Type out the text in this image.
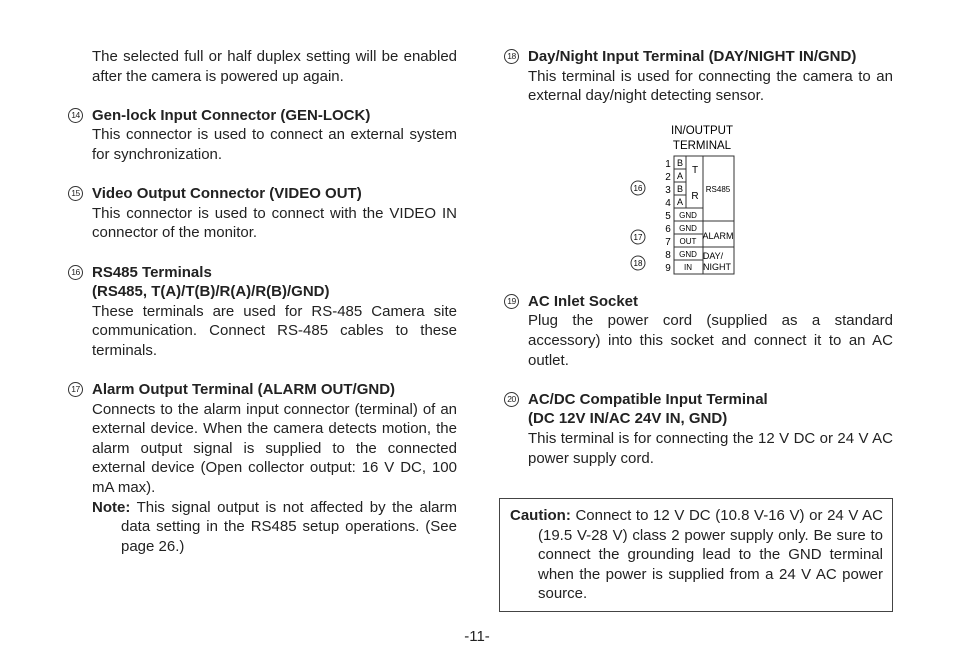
The selected full or half duplex setting will be enabled after the camera is powered up again.
14 Gen-lock Input Connector (GEN-LOCK)
This connector is used to connect an external system for synchronization.
15 Video Output Connector (VIDEO OUT)
This connector is used to connect with the VIDEO IN connector of the monitor.
16 RS485 Terminals
(RS485, T(A)/T(B)/R(A)/R(B)/GND)
These terminals are used for RS-485 Camera site communication. Connect RS-485 cables to these terminals.
17 Alarm Output Terminal (ALARM OUT/GND)
Connects to the alarm input connector (terminal) of an external device. When the camera detects motion, the alarm output signal is supplied to the connected external device (Open collector output: 16 V DC, 100 mA max).
Note: This signal output is not affected by the alarm data setting in the RS485 setup operations. (See page 26.)
18 Day/Night Input Terminal (DAY/NIGHT IN/GND)
This terminal is used for connecting the camera to an external day/night detecting sensor.
19 AC Inlet Socket
Plug the power cord (supplied as a standard accessory) into this socket and connect it to an AC outlet.
20 AC/DC Compatible Input Terminal
(DC 12V IN/AC 24V IN, GND)
This terminal is for connecting the 12 V DC or 24 V AC power supply cord.
IN/OUTPUT
TERMINAL
1
2
3
4
5
6
7
8
9
B
A
B
A
GND
GND
OUT
GND
IN
T
R
RS485
ALARM
DAY/
NIGHT
16
17
18
Caution: Connect to 12 V DC (10.8 V-16 V) or 24 V AC (19.5 V-28 V) class 2 power supply only. Be sure to connect the grounding lead to the GND terminal when the power is supplied from a 24 V AC power source.
-11-
